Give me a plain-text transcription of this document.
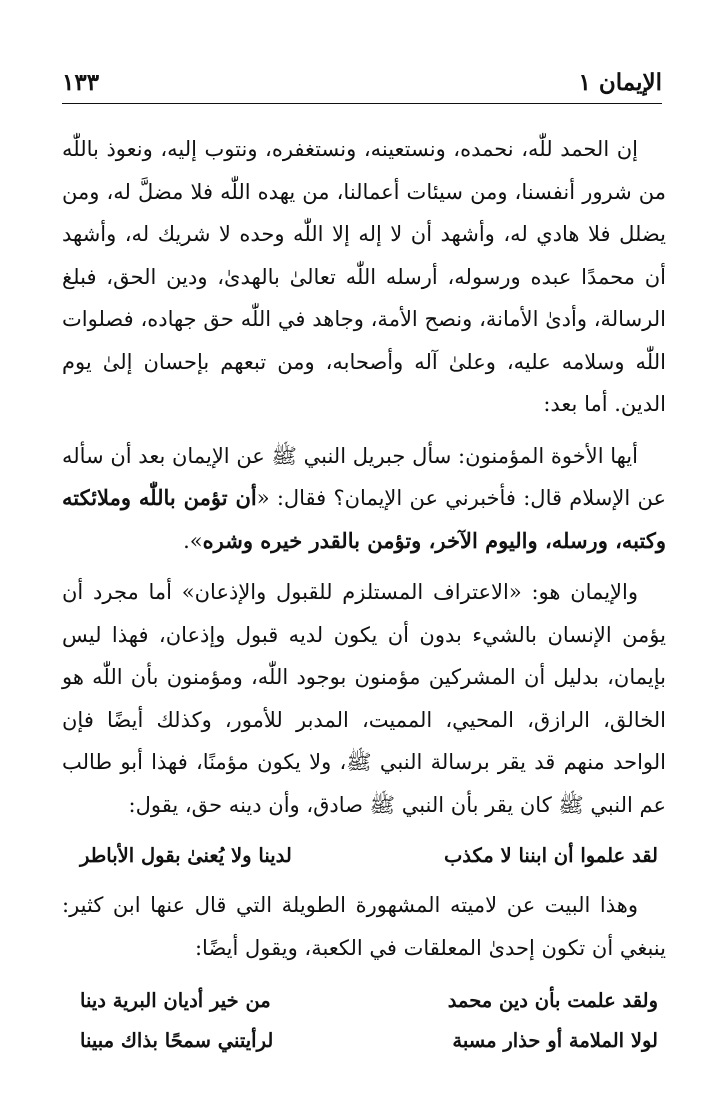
الإيمان ١
١٣٣

إن الحمد للّٰه، نحمده، ونستعينه، ونستغفره، ونتوب إليه، ونعوذ باللّٰه من شرور أنفسنا، ومن سيئات أعمالنا، من يهده اللّٰه فلا مضلَّ له، ومن يضلل فلا هادي له، وأشهد أن لا إله إلا اللّٰه وحده لا شريك له، وأشهد أن محمدًا عبده ورسوله، أرسله اللّٰه تعالىٰ بالهدىٰ، ودين الحق، فبلغ الرسالة، وأدىٰ الأمانة، ونصح الأمة، وجاهد في اللّٰه حق جهاده، فصلوات اللّٰه وسلامه عليه، وعلىٰ آله وأصحابه، ومن تبعهم بإحسان إلىٰ يوم الدين. أما بعد:

أيها الأخوة المؤمنون: سأل جبريل النبي ﷺ عن الإيمان بعد أن سأله عن الإسلام قال: فأخبرني عن الإيمان؟ فقال: «أن تؤمن باللّٰه وملائكته وكتبه، ورسله، واليوم الآخر، وتؤمن بالقدر خيره وشره».

والإيمان هو: «الاعتراف المستلزم للقبول والإذعان» أما مجرد أن يؤمن الإنسان بالشيء بدون أن يكون لديه قبول وإذعان، فهذا ليس بإيمان، بدليل أن المشركين مؤمنون بوجود اللّٰه، ومؤمنون بأن اللّٰه هو الخالق، الرازق، المحيي، المميت، المدبر للأمور، وكذلك أيضًا فإن الواحد منهم قد يقر برسالة النبي ﷺ، ولا يكون مؤمنًا، فهذا أبو طالب عم النبي ﷺ كان يقر بأن النبي ﷺ صادق، وأن دينه حق، يقول:

لقد علموا أن ابننا لا مكذب
لدينا ولا يُعنىٰ بقول الأباطر

وهذا البيت عن لاميته المشهورة الطويلة التي قال عنها ابن كثير: ينبغي أن تكون إحدىٰ المعلقات في الكعبة، ويقول أيضًا:

ولقد علمت بأن دين محمد
من خير أديان البرية دينا
لولا الملامة أو حذار مسبة
لرأيتني سمحًا بذاك مبينا
